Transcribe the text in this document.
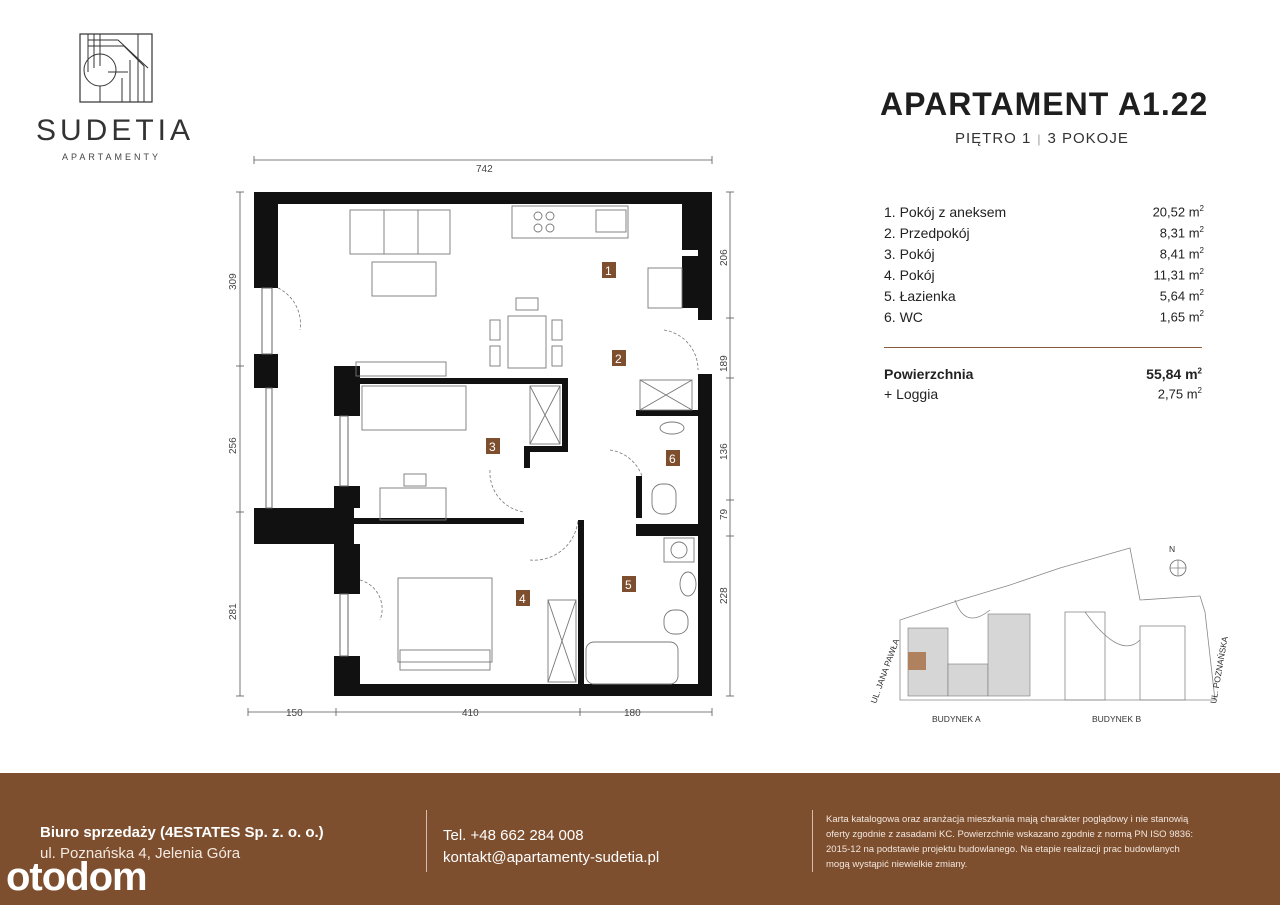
SUDETIA
APARTAMENTY
APARTAMENT A1.22
PIĘTRO 1 | 3 POKOJE
1. Pokój z aneksem	20,52 $m^2$
2. Przedpokój	8,31 $m^2$
3. Pokój	8,41 $m^2$
4. Pokój	11,31 $m^2$
5. Łazienka	5,64 $m^2$
6. WC	1,65 $m^2$
Powierzchnia	55,84 $m^2$
+ Loggia	2,75 $m^2$
742
309
256
281
206
189
136
79
228
150	410	180
1
2
3
4
5
6
N
BUDYNEK A	BUDYNEK B
UL. JANA PAWŁA	UL. POZNAŃSKA
Biuro sprzedaży (4ESTATES Sp. z. o. o.)
ul. Poznańska 4, Jelenia Góra
Tel. +48 662 284 008
kontakt@apartamenty-sudetia.pl
Karta katalogowa oraz aranżacja mieszkania mają charakter poglądowy i nie stanowią oferty zgodnie z zasadami KC. Powierzchnie wskazano zgodnie z normą PN ISO 9836: 2015-12 na podstawie projektu budowlanego. Na etapie realizacji prac budowlanych mogą wystąpić niewielkie zmiany.
otodom
